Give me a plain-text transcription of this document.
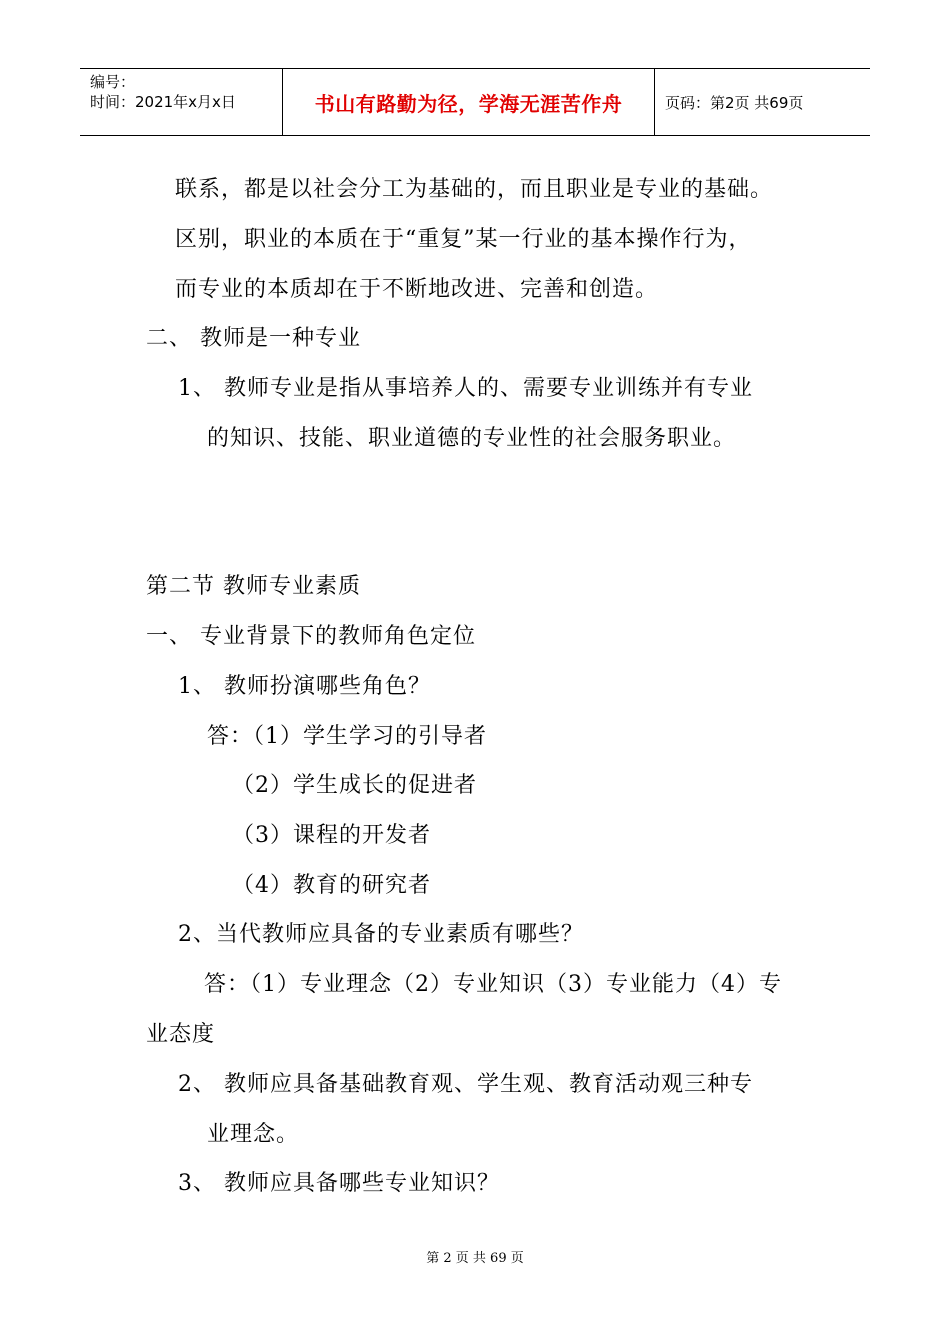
编号：
时间：2021年x月x日	书山有路勤为径，学海无涯苦作舟	页码：第2页 共69页
联系，都是以社会分工为基础的，而且职业是专业的基础。
区别，职业的本质在于“重复”某一行业的基本操作行为，
而专业的本质却在于不断地改进、完善和创造。
二、 教师是一种专业
1、 教师专业是指从事培养人的、需要专业训练并有专业
的知识、技能、职业道德的专业性的社会服务职业。
第二节 教师专业素质
一、 专业背景下的教师角色定位
1、 教师扮演哪些角色？
答：（1）学生学习的引导者
（2）学生成长的促进者
（3）课程的开发者
（4）教育的研究者
2、当代教师应具备的专业素质有哪些？
答：（1）专业理念（2）专业知识（3）专业能力（4）专
业态度
2、 教师应具备基础教育观、学生观、教育活动观三种专
业理念。
3、 教师应具备哪些专业知识？
第 2 页 共 69 页
